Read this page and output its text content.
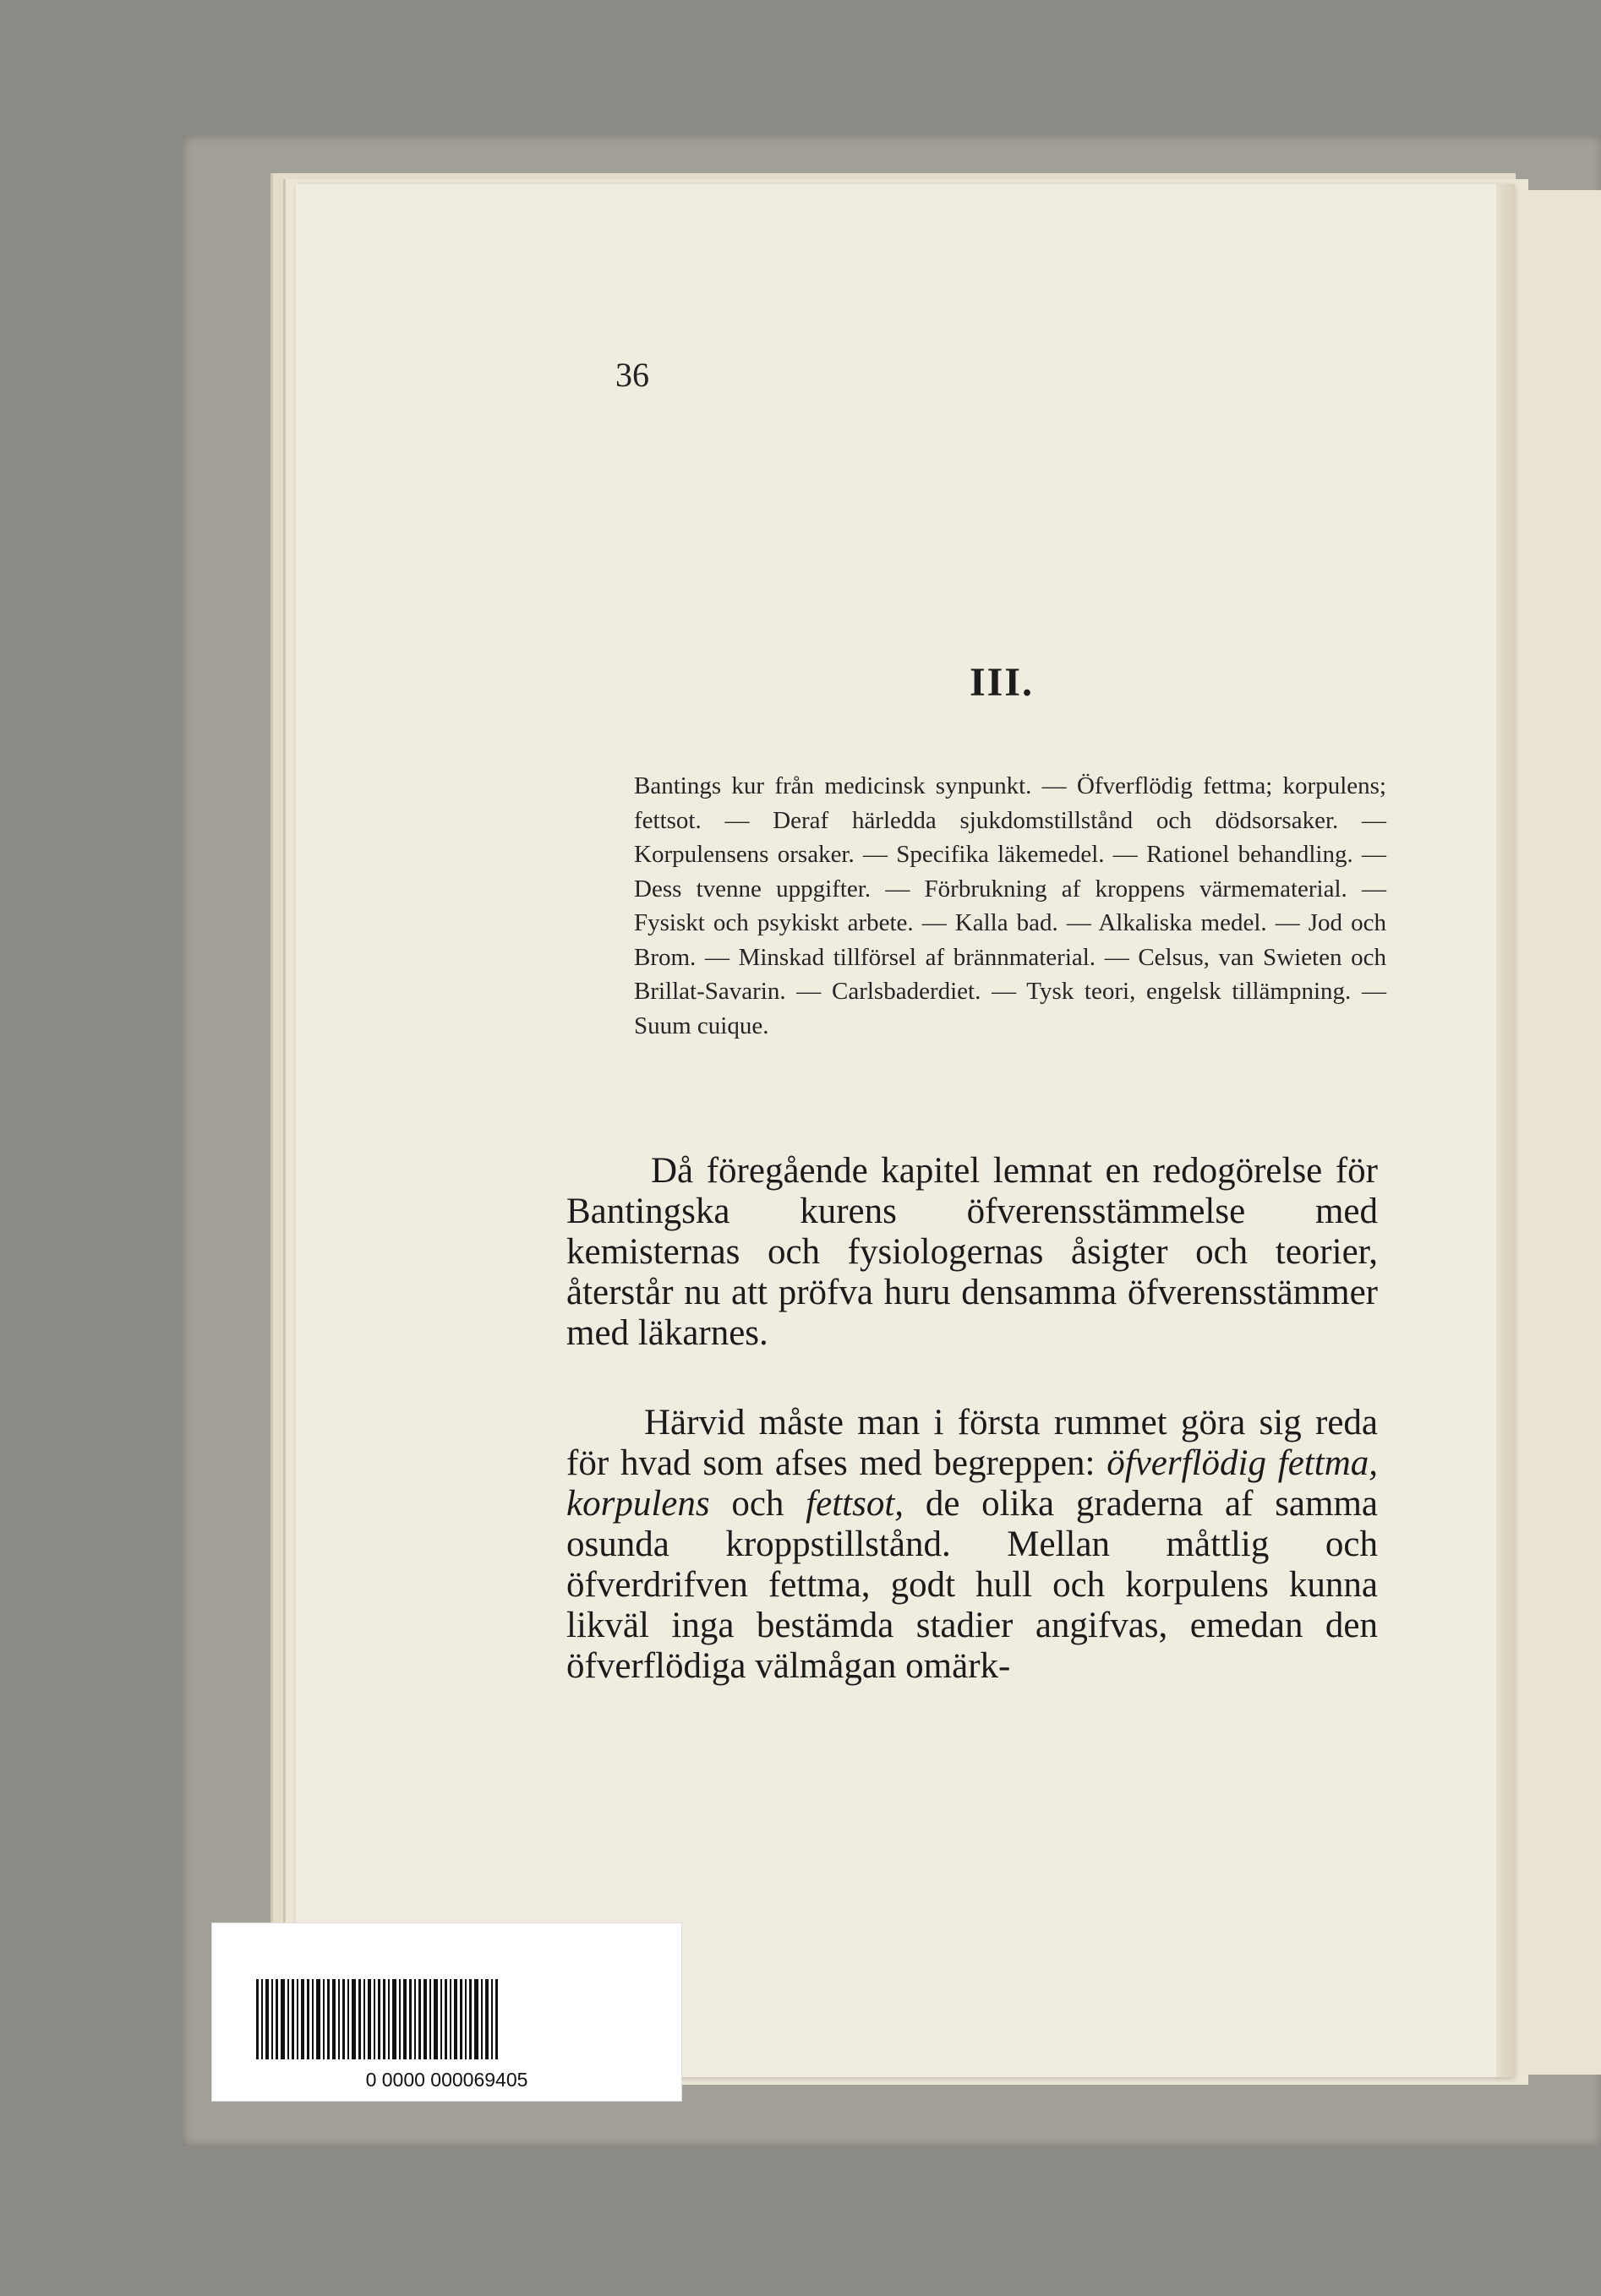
36
III.
Bantings kur från medicinsk synpunkt. — Öfverflödig fettma; korpulens; fettsot. — Deraf härledda sjukdomstillstånd och dödsorsaker. — Korpulensens orsaker. — Specifika läkemedel. — Rationel behandling. — Dess tvenne uppgifter. — Förbrukning af kroppens värmematerial. — Fysiskt och psykiskt arbete. — Kalla bad. — Alkaliska medel. — Jod och Brom. — Minskad tillförsel af brännmaterial. — Celsus, van Swieten och Brillat-Savarin. — Carlsbaderdiet. — Tysk teori, engelsk tillämpning. — Suum cuique.
Då föregående kapitel lemnat en redogörelse för Bantingska kurens öfverensstämmelse med kemisternas och fysiologernas åsigter och teorier, återstår nu att pröfva huru densamma öfverensstämmer med läkarnes.
Härvid måste man i första rummet göra sig reda för hvad som afses med begreppen: öfverflödig fettma, korpulens och fettsot, de olika graderna af samma osunda kroppstillstånd. Mellan måttlig och öfverdrifven fettma, godt hull och korpulens kunna likväl inga bestämda stadier angifvas, emedan den öfverflödiga välmågan omärk-
0 0000 000069405
